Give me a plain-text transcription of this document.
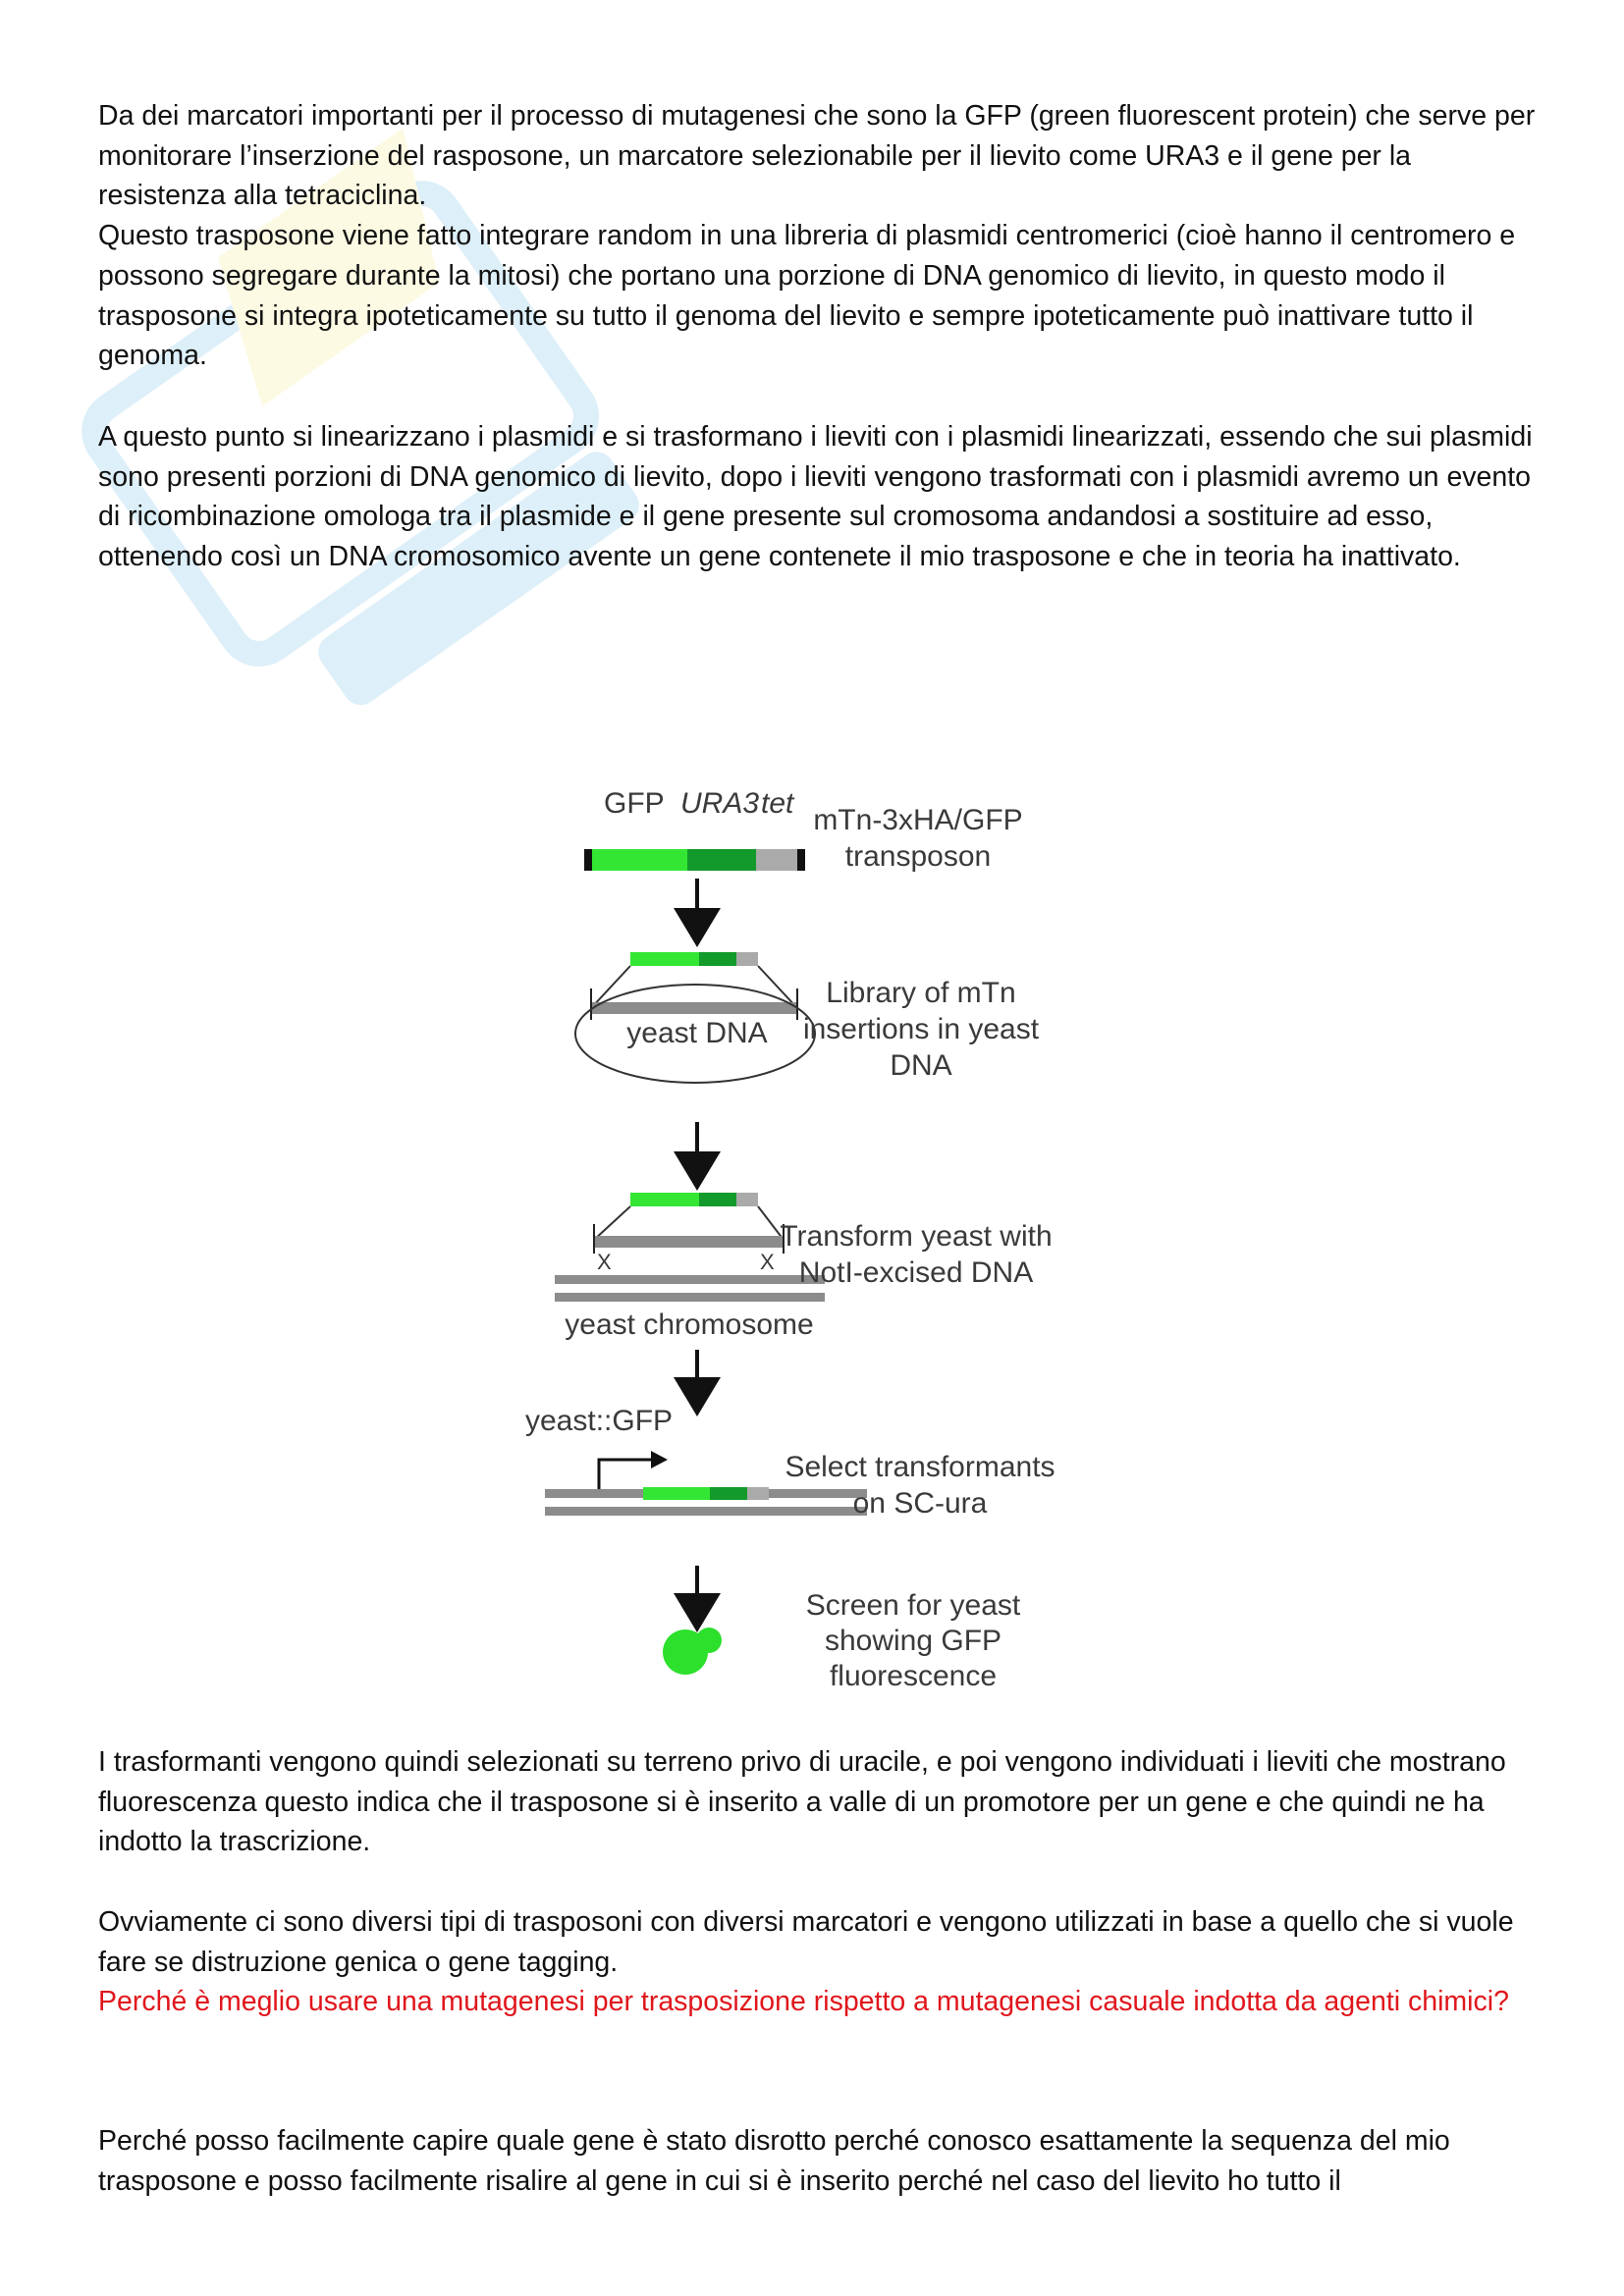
Da dei marcatori importanti per il processo di mutagenesi che sono la GFP (green fluorescent protein) che serve per monitorare l’inserzione del rasposone, un marcatore selezionabile per il lievito come URA3 e il gene per la resistenza alla tetraciclina.

Questo trasposone viene fatto integrare random in una libreria di plasmidi centromerici (cioè hanno il centromero e possono segregare durante la mitosi) che portano una porzione di DNA genomico di lievito, in questo modo il trasposone si integra ipoteticamente su tutto il genoma del lievito e sempre ipoteticamente può inattivare tutto il genoma.

A questo punto si linearizzano i plasmidi e si trasformano i lieviti con i plasmidi linearizzati, essendo che sui plasmidi sono presenti porzioni di DNA genomico di lievito, dopo i lieviti vengono trasformati con i plasmidi avremo un evento di ricombinazione omologa tra il plasmide e il gene presente sul cromosoma andandosi a sostituire ad esso, ottenendo così un DNA cromosomico avente un gene contenete il mio trasposone e che in teoria ha inattivato.

GFP URA3 tet
mTn-3xHA/GFP
transposon
yeast DNA
Library of mTn
insertions in yeast
DNA
X	X
yeast chromosome
Transform yeast with
NotI-excised DNA
yeast::GFP
Select transformants
on SC-ura
Screen for yeast
showing GFP
fluorescence

I trasformanti vengono quindi selezionati su terreno privo di uracile, e poi vengono individuati i lieviti che mostrano fluorescenza questo indica che il trasposone si è inserito a valle di un promotore per un gene e che quindi ne ha indotto la trascrizione.

Ovviamente ci sono diversi tipi di trasposoni con diversi marcatori e vengono utilizzati in base a quello che si vuole fare se distruzione genica o gene tagging.

Perché è meglio usare una mutagenesi per trasposizione rispetto a mutagenesi casuale indotta da agenti chimici?

Perché posso facilmente capire quale gene è stato disrotto perché conosco esattamente la sequenza del mio trasposone e posso facilmente risalire al gene in cui si è inserito perché nel caso del lievito ho tutto il
